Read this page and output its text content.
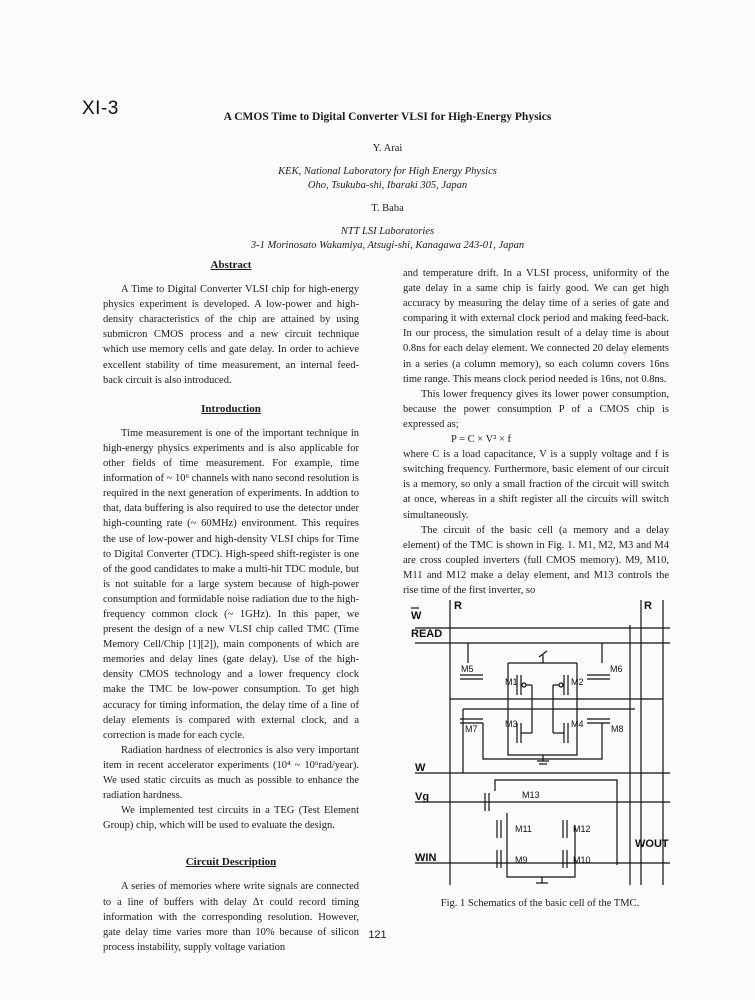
XI-3	A CMOS Time to Digital Converter VLSI for High-Energy Physics
Y. Arai
KEK, National Laboratory for High Energy Physics
Oho, Tsukuba-shi, Ibaraki 305, Japan
T. Baba
NTT LSI Laboratories
3-1 Morinosato Wakamiya, Atsugi-shi, Kanagawa 243-01, Japan

Abstract

A Time to Digital Converter VLSI chip for high-energy physics experiment is developed. A low-power and high-density characteristics of the chip are attained by using submicron CMOS process and a new circuit technique which use memory cells and gate delay. In order to achieve excellent stability of time measurement, an internal feed-back circuit is also introduced.

Introduction

Time measurement is one of the important technique in high-energy physics experiments and is also applicable for other fields of time measurement. For example, time information of ~ 10⁶ channels with nano second resolution is required in the next generation of experiments. In addtion to that, data buffering is also required to use the detector under high-counting rate (~ 60MHz) environment. This requires the use of low-power and high-density VLSI chips for Time to Digital Converter (TDC). High-speed shift-register is one of the good candidates to make a multi-hit TDC module, but is not suitable for a large system because of high-power consumption and formidable noise radiation due to the high-frequency common clock (~ 1GHz). In this paper, we present the design of a new VLSI chip called TMC (Time Memory Cell/Chip [1][2]), main components of which are memories and delay lines (gate delay). Use of the high-density CMOS technology and a lower frequency clock make the TMC be low-power consumption. To get high accuracy for timing information, the delay time of a line of delay elements is compared with external clock, and a correction is made for each cycle.

Radiation hardness of electronics is also very important item in recent accelerator experiments (10⁴ ~ 10⁶rad/year). We used static circuits as much as possible to enhance the radiation hardness.

We implemented test circuits in a TEG (Test Element Group) chip, which will be used to evaluate the design.

Circuit Description

A series of memories where write signals are connected to a line of buffers with delay Δτ could record timing information with the corresponding resolution. However, gate delay time varies more than 10% because of silicon process instability, supply voltage variation

and temperature drift. In a VLSI process, uniformity of the gate delay in a same chip is fairly good. We can get high accuracy by measuring the delay time of a series of gate and comparing it with external clock period and making feed-back. In our process, the simulation result of a delay time is about 0.8ns for each delay element. We connected 20 delay elements in a series (a column memory), so each column covers 16ns time range. This means clock period needed is 16ns, not 0.8ns.

This lower frequency gives its lower power consumption, because the power consumption P of a CMOS chip is expressed as;

P = C × V² × f

where C is a load capacitance, V is a supply voltage and f is switching frequency. Furthermore, basic element of our circuit is a memory, so only a small fraction of the circuit will switch at once, whereas in a shift register all the circuits will switch simultaneously.

The circuit of the basic cell (a memory and a delay element) of the TMC is shown in Fig. 1. M1, M2, M3 and M4 are cross coupled inverters (full CMOS memory). M9, M10, M11 and M12 make a delay element, and M13 controls the rise time of the first inverter, so

W
READ
R	R
W
Vg
WIN
WOUT
M1	M2
M3	M4
M5	M6
M7	M8
M9	M10
M11	M12
M13
Fig. 1 Schematics of the basic cell of the TMC.
121
